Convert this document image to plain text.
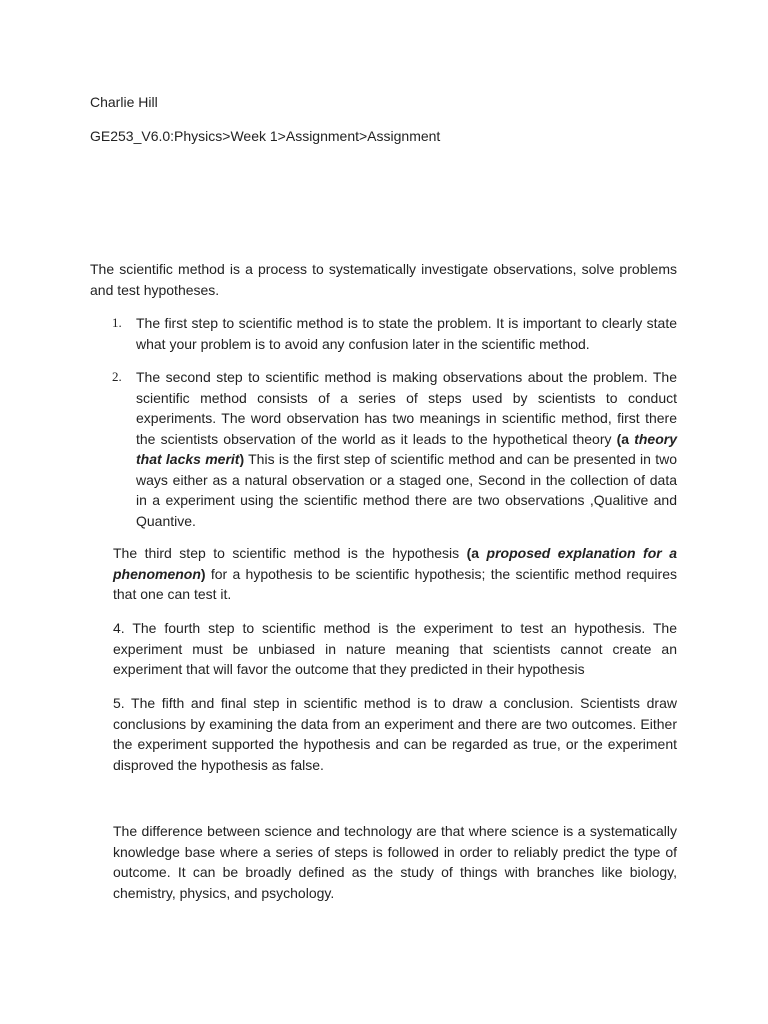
Charlie Hill

GE253_V6.0:Physics>Week 1>Assignment>Assignment

The scientific method is a process to systematically investigate observations, solve problems and test hypotheses.

1. The first step to scientific method is to state the problem. It is important to clearly state what your problem is to avoid any confusion later in the scientific method.
2. The second step to scientific method is making observations about the problem. The scientific method consists of a series of steps used by scientists to conduct experiments. The word observation has two meanings in scientific method, first there the scientists observation of the world as it leads to the hypothetical theory (a theory that lacks merit) This is the first step of scientific method and can be presented in two ways either as a natural observation or a staged one, Second in the collection of data in a experiment using the scientific method there are two observations ,Qualitive and Quantive.

The third step to scientific method is the hypothesis (a proposed explanation for a phenomenon) for a hypothesis to be scientific hypothesis; the scientific method requires that one can test it.

4. The fourth step to scientific method is the experiment to test an hypothesis. The experiment must be unbiased in nature meaning that scientists cannot create an experiment that will favor the outcome that they predicted in their hypothesis

5. The fifth and final step in scientific method is to draw a conclusion. Scientists draw conclusions by examining the data from an experiment and there are two outcomes. Either the experiment supported the hypothesis and can be regarded as true, or the experiment disproved the hypothesis as false.

The difference between science and technology are that where science is a systematically knowledge base where a series of steps is followed in order to reliably predict the type of outcome. It can be broadly defined as the study of things with branches like biology, chemistry, physics, and psychology.
